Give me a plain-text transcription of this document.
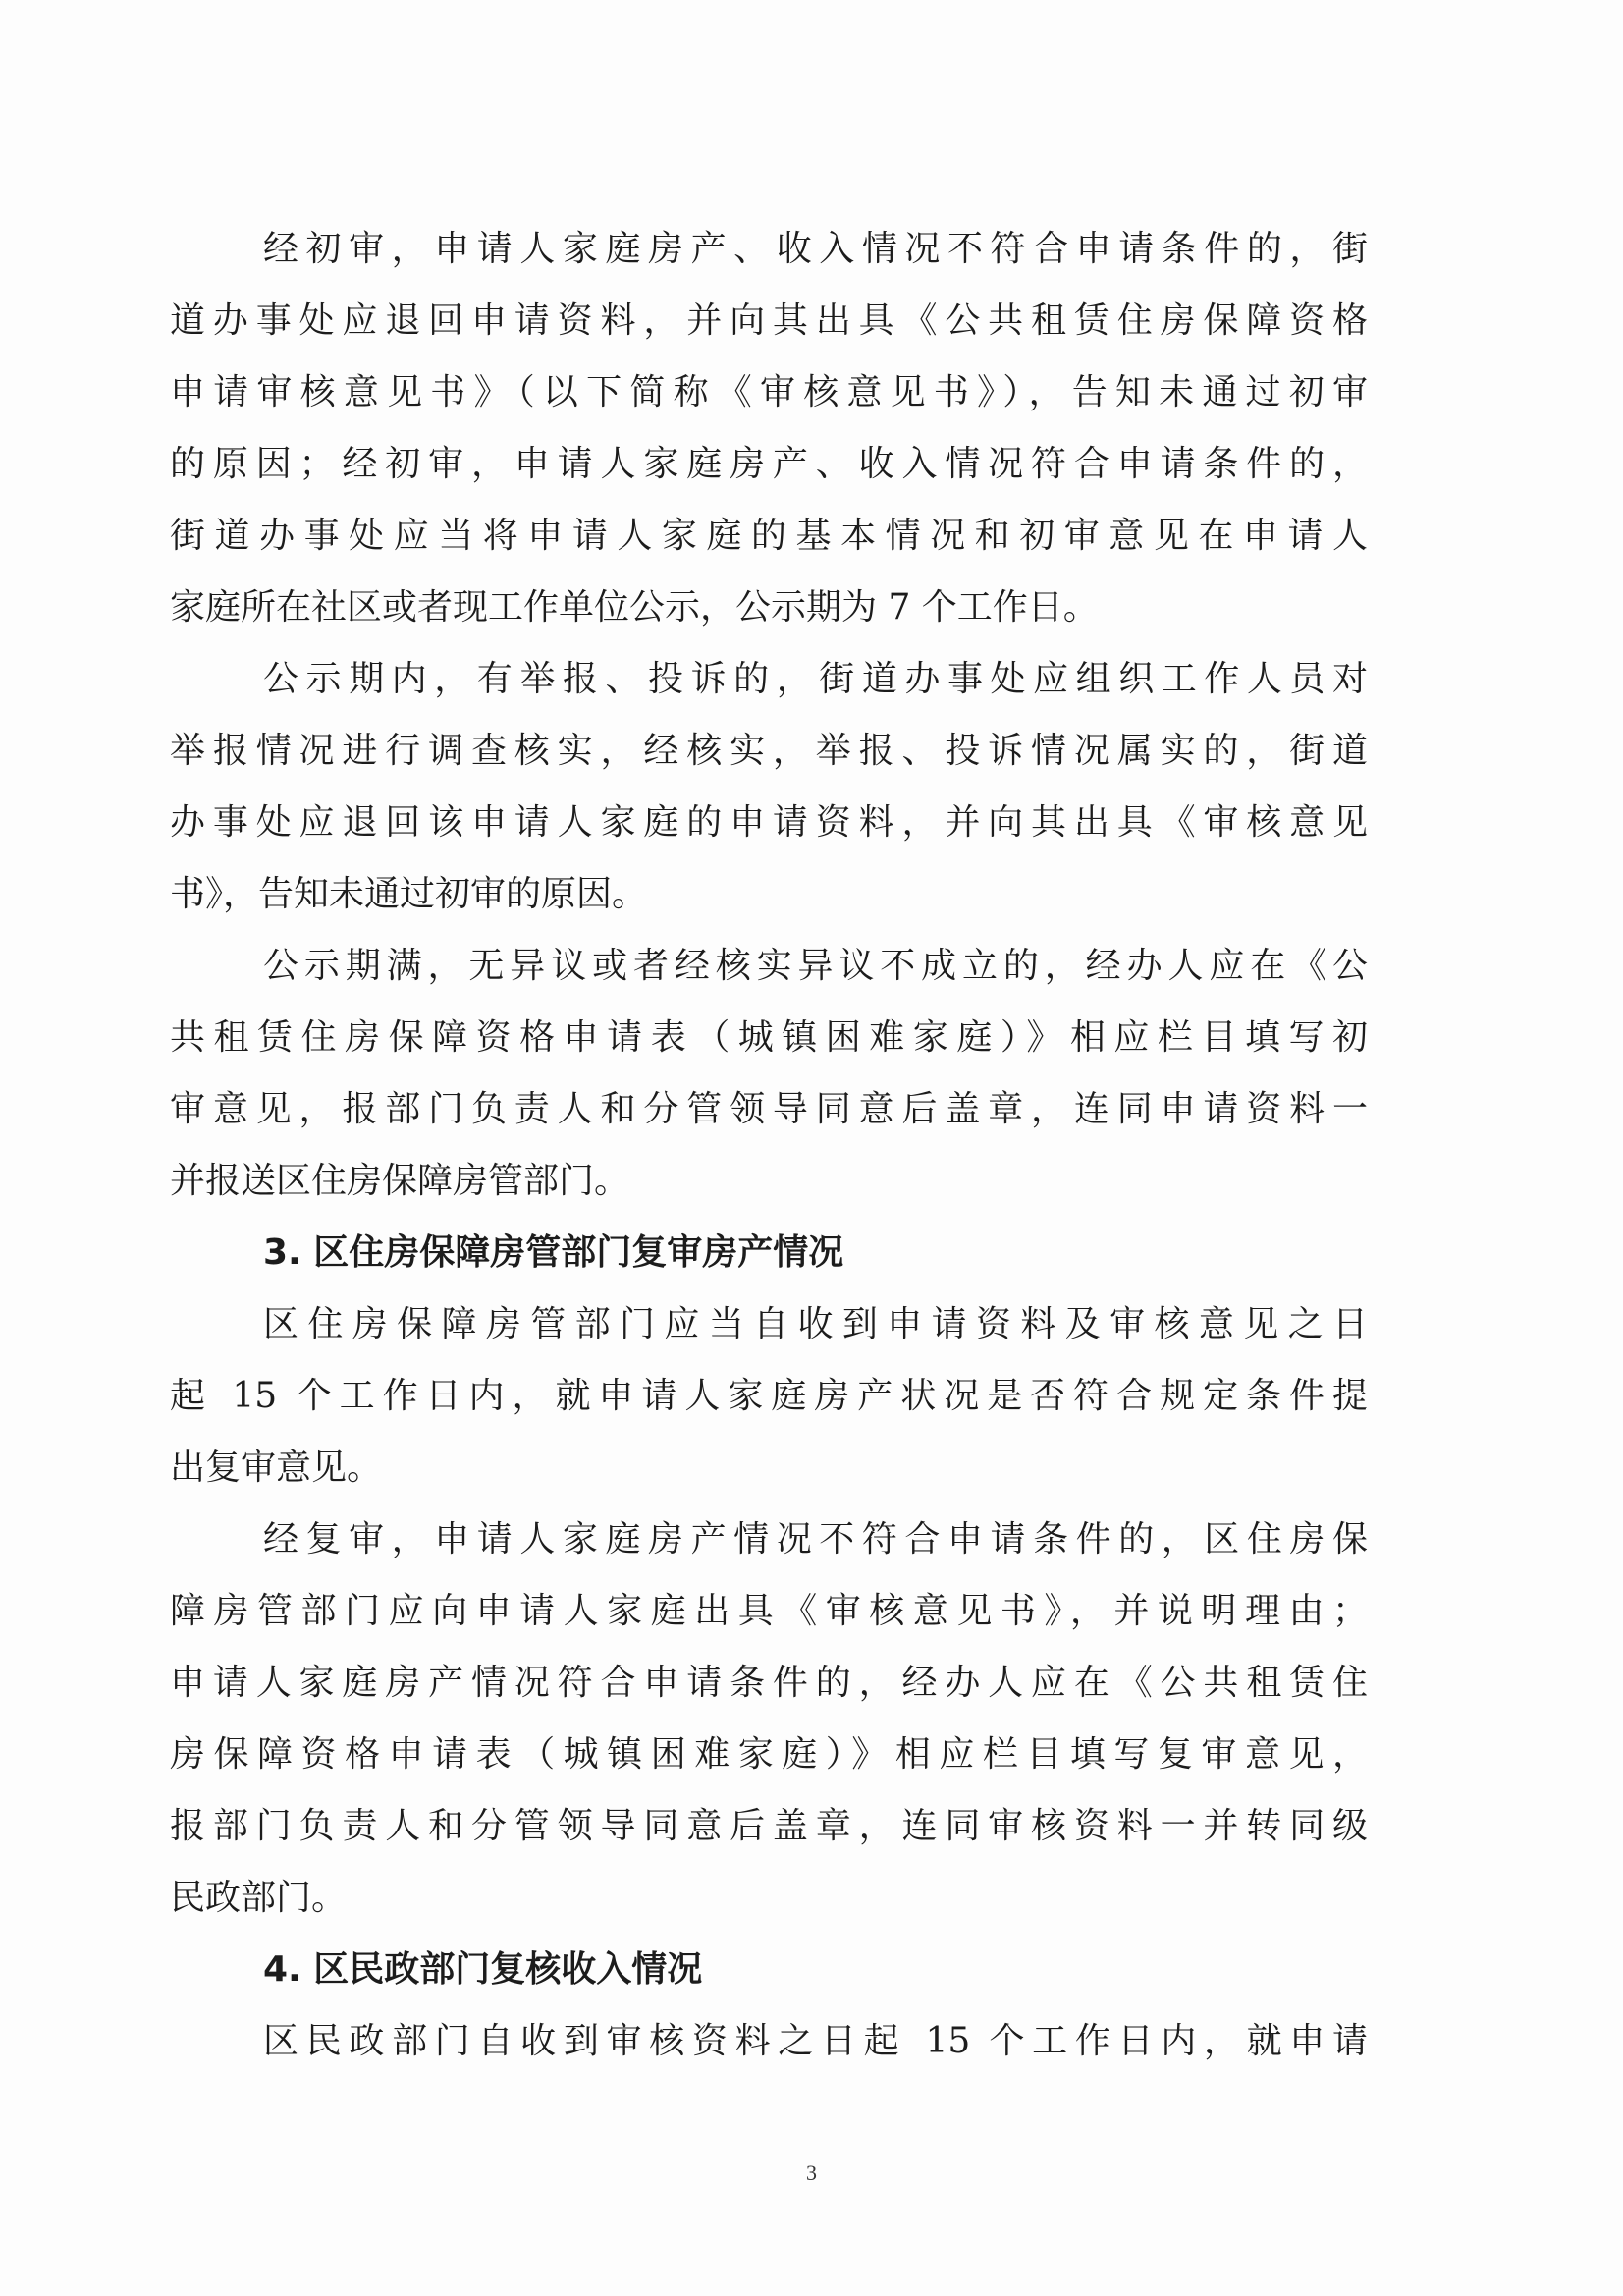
经初审，申请人家庭房产、收入情况不符合申请条件的，街
道办事处应退回申请资料，并向其出具《公共租赁住房保障资格
申请审核意见书》（以下简称《审核意见书》），告知未通过初审
的原因；经初审，申请人家庭房产、收入情况符合申请条件的，
街道办事处应当将申请人家庭的基本情况和初审意见在申请人
家庭所在社区或者现工作单位公示，公示期为 7 个工作日。
公示期内，有举报、投诉的，街道办事处应组织工作人员对
举报情况进行调查核实，经核实，举报、投诉情况属实的，街道
办事处应退回该申请人家庭的申请资料，并向其出具《审核意见
书》，告知未通过初审的原因。
公示期满，无异议或者经核实异议不成立的，经办人应在《公
共租赁住房保障资格申请表（城镇困难家庭）》相应栏目填写初
审意见，报部门负责人和分管领导同意后盖章，连同申请资料一
并报送区住房保障房管部门。
3. 区住房保障房管部门复审房产情况
区住房保障房管部门应当自收到申请资料及审核意见之日
起 15 个工作日内，就申请人家庭房产状况是否符合规定条件提
出复审意见。
经复审，申请人家庭房产情况不符合申请条件的，区住房保
障房管部门应向申请人家庭出具《审核意见书》，并说明理由；
申请人家庭房产情况符合申请条件的，经办人应在《公共租赁住
房保障资格申请表（城镇困难家庭）》相应栏目填写复审意见，
报部门负责人和分管领导同意后盖章，连同审核资料一并转同级
民政部门。
4. 区民政部门复核收入情况
区民政部门自收到审核资料之日起 15 个工作日内，就申请
3
